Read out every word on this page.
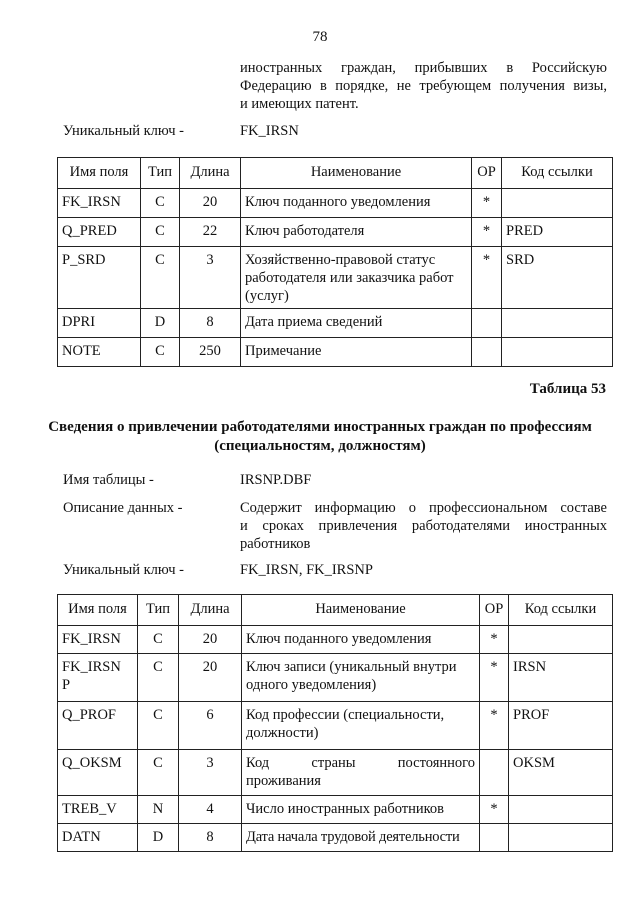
78
иностранных граждан, прибывших в Российскую
Федерацию в порядке, не требующем получения визы,
и имеющих патент.
Уникальный ключ -	FK_IRSN
Имя поля	Тип	Длина	Наименование	ОР	Код ссылки
FK_IRSN	C	20	Ключ поданного уведомления	*	
Q_PRED	C	22	Ключ работодателя	*	PRED
P_SRD	C	3	Хозяйственно-правовой статус работодателя или заказчика работ (услуг)	*	SRD
DPRI	D	8	Дата приема сведений		
NOTE	C	250	Примечание		
Таблица 53
Сведения о привлечении работодателями иностранных граждан по профессиям
(специальностям, должностям)
Имя таблицы -	IRSNP.DBF
Описание данных -	Содержит информацию о профессиональном составе
и сроках привлечения работодателями иностранных
работников
Уникальный ключ -	FK_IRSN, FK_IRSNP
Имя поля	Тип	Длина	Наименование	ОР	Код ссылки
FK_IRSN	C	20	Ключ поданного уведомления	*	
FK_IRSN P	C	20	Ключ записи (уникальный внутри одного уведомления)	*	IRSN
Q_PROF	C	6	Код профессии (специальности, должности)	*	PROF
Q_OKSM	C	3	Код страны постоянного проживания		OKSM
TREB_V	N	4	Число иностранных работников	*	
DATN	D	8	Дата начала трудовой деятельности		
